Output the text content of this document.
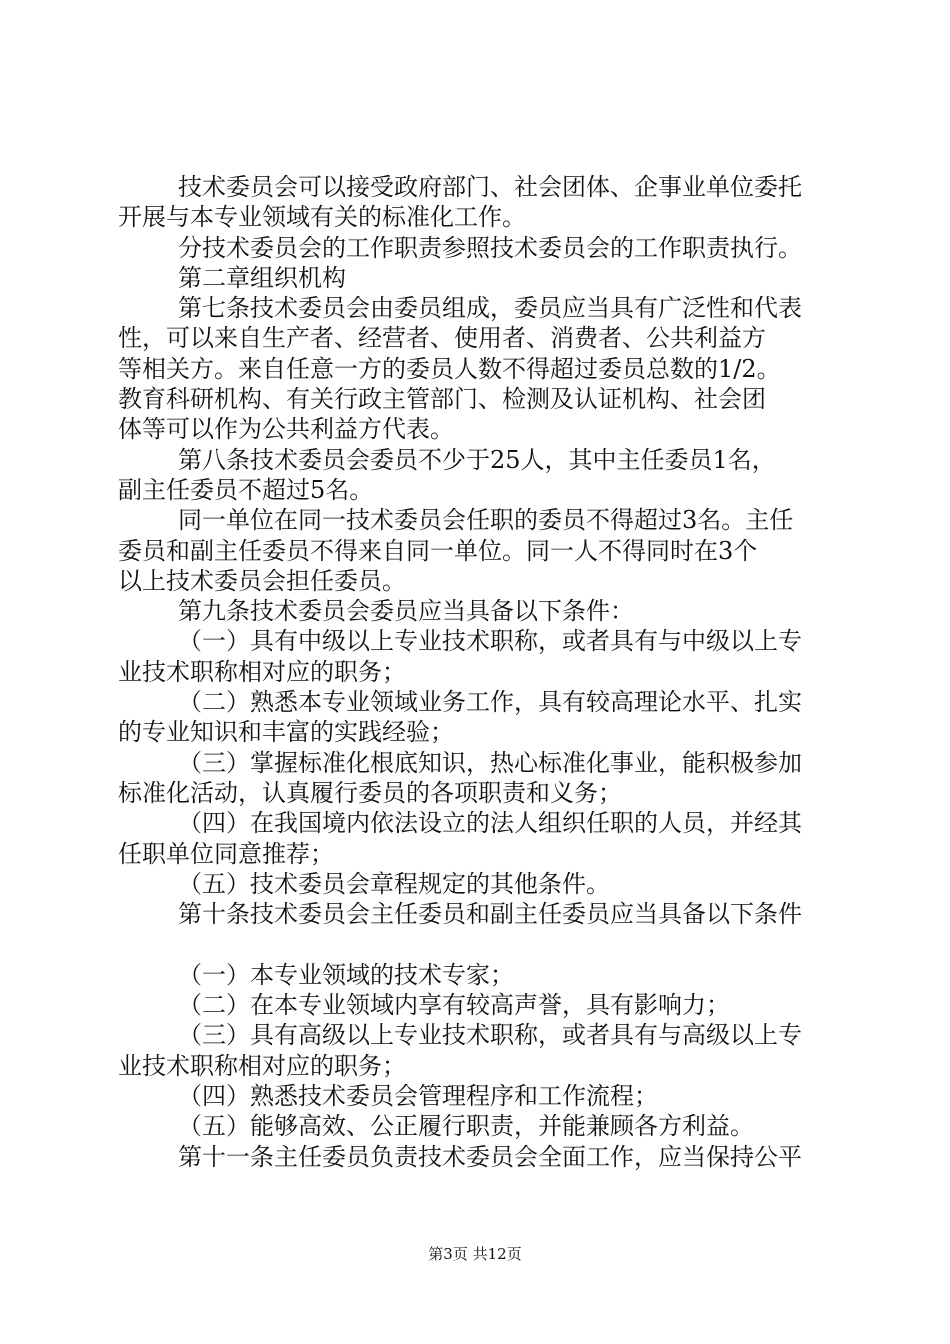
技术委员会可以接受政府部门、社会团体、企事业单位委托
开展与本专业领域有关的标准化工作。
分技术委员会的工作职责参照技术委员会的工作职责执行。
第二章组织机构
第七条技术委员会由委员组成，委员应当具有广泛性和代表
性，可以来自生产者、经营者、使用者、消费者、公共利益方
等相关方。来自任意一方的委员人数不得超过委员总数的1/2。
教育科研机构、有关行政主管部门、检测及认证机构、社会团
体等可以作为公共利益方代表。
第八条技术委员会委员不少于25人，其中主任委员1名，
副主任委员不超过5名。
同一单位在同一技术委员会任职的委员不得超过3名。主任
委员和副主任委员不得来自同一单位。同一人不得同时在3个
以上技术委员会担任委员。
第九条技术委员会委员应当具备以下条件：
（一）具有中级以上专业技术职称，或者具有与中级以上专
业技术职称相对应的职务；
（二）熟悉本专业领域业务工作，具有较高理论水平、扎实
的专业知识和丰富的实践经验；
（三）掌握标准化根底知识，热心标准化事业，能积极参加
标准化活动，认真履行委员的各项职责和义务；
（四）在我国境内依法设立的法人组织任职的人员，并经其
任职单位同意推荐；
（五）技术委员会章程规定的其他条件。
第十条技术委员会主任委员和副主任委员应当具备以下条件
（一）本专业领域的技术专家；
（二）在本专业领域内享有较高声誉，具有影响力；
（三）具有高级以上专业技术职称，或者具有与高级以上专
业技术职称相对应的职务；
（四）熟悉技术委员会管理程序和工作流程；
（五）能够高效、公正履行职责，并能兼顾各方利益。
第十一条主任委员负责技术委员会全面工作，应当保持公平
第3页 共12页
